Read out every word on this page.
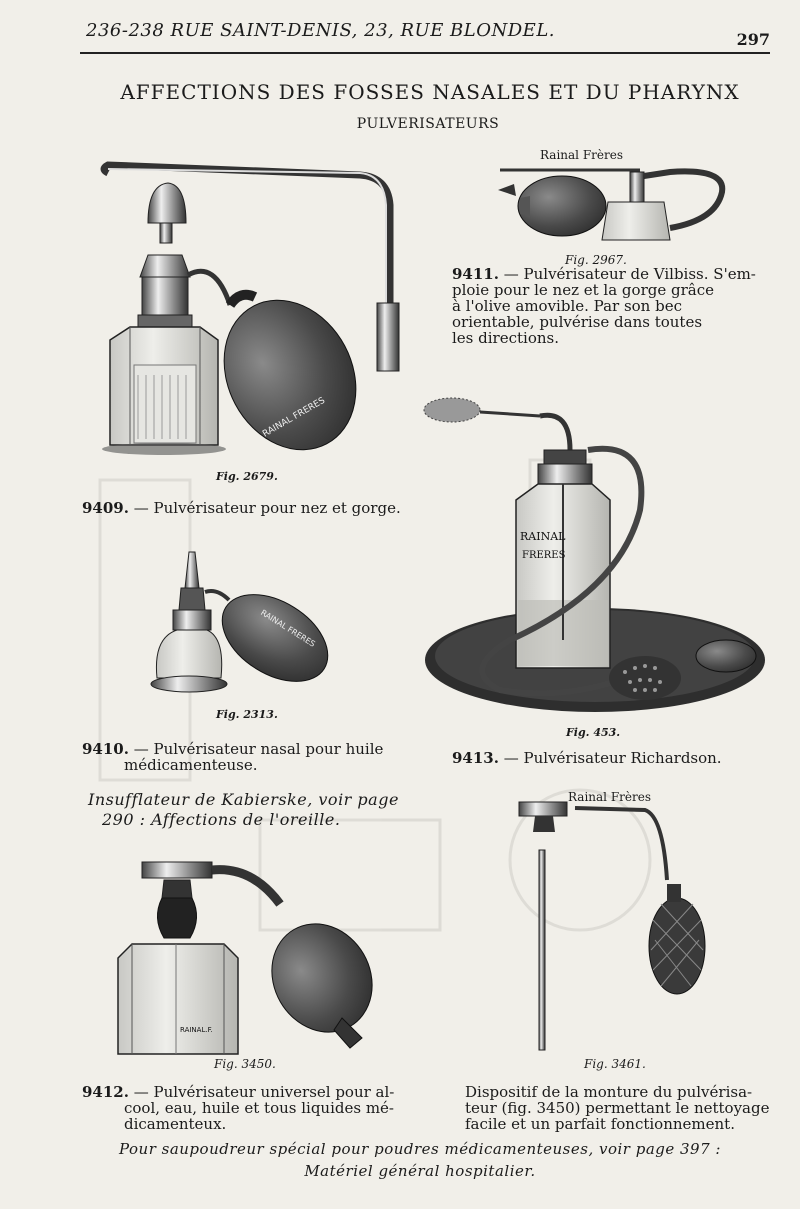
236-238 RUE SAINT-DENIS, 23, RUE BLONDEL.	297
AFFECTIONS DES FOSSES NASALES ET DU PHARYNX
PULVERISATEURS
RAINAL FRERES
Fig. 2679.
9409. — Pulvérisateur pour nez et gorge.
Rainal Frères
Fig. 2967.
9411. — Pulvérisateur de Vilbiss. S'em-
ploie pour le nez et la gorge grâce
à l'olive amovible. Par son bec
orientable, pulvérise dans toutes
les directions.
RAINAL FRERES
Fig. 2313.
9410. — Pulvérisateur nasal pour huile
médicamenteuse.
RAINAL
FRERES
Fig. 453.
9413. — Pulvérisateur Richardson.
Insufflateur de Kabierske, voir page
290 : Affections de l'oreille.
RAINAL.F.
Fig. 3450.
9412. — Pulvérisateur universel pour al-
cool, eau, huile et tous liquides mé-
dicamenteux.
Rainal Frères
Fig. 3461.
Dispositif de la monture du pulvérisa-
teur (fig. 3450) permettant le nettoyage
facile et un parfait fonctionnement.
Pour saupoudreur spécial pour poudres médicamenteuses, voir page 397 :
Matériel général hospitalier.
